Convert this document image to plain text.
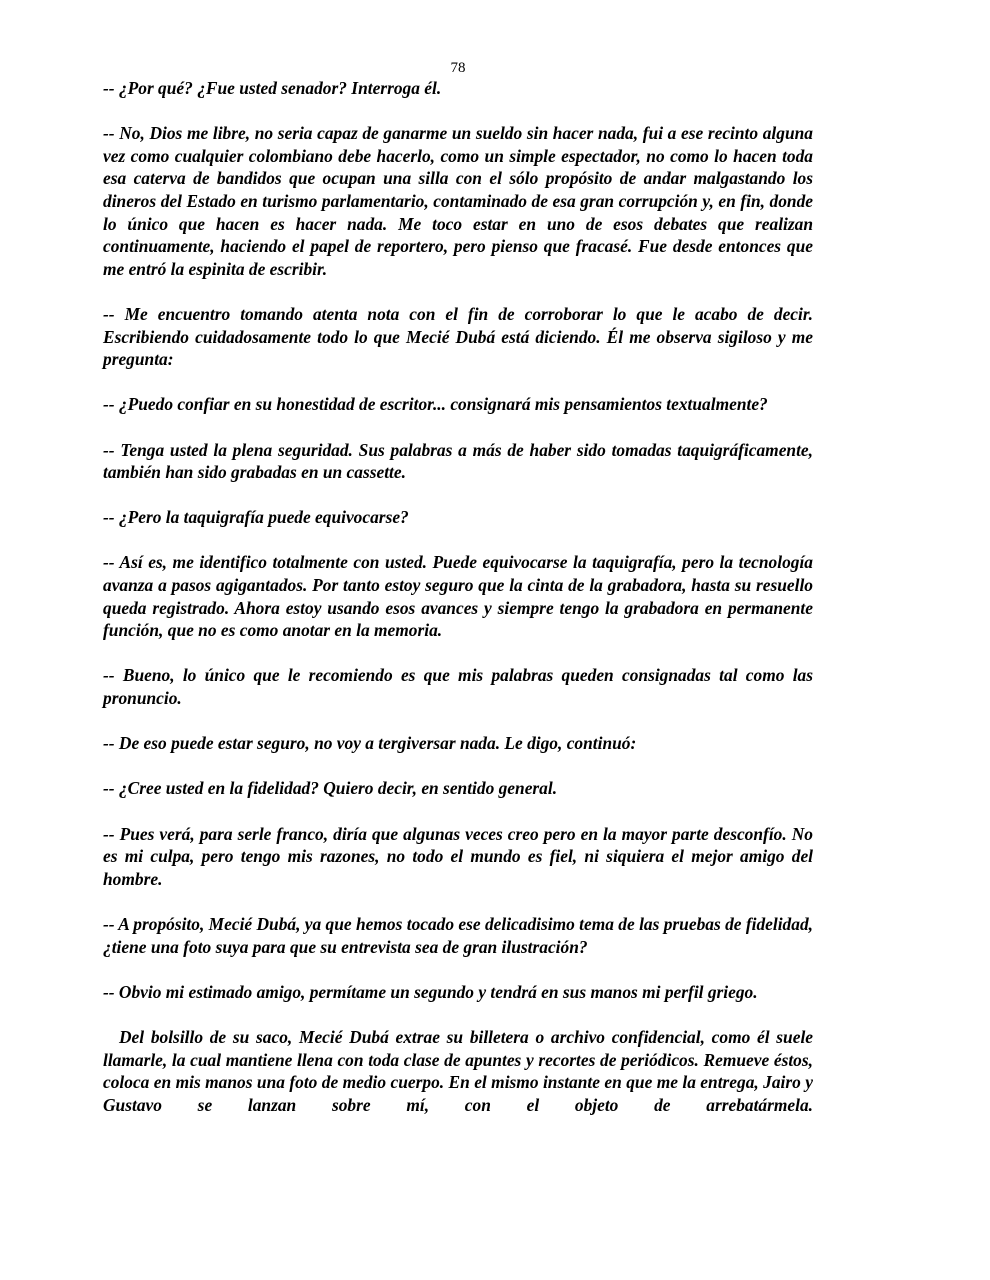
78

-- ¿Por qué? ¿Fue usted senador? Interroga él.

-- No, Dios me libre, no seria capaz de ganarme un sueldo sin hacer nada, fui a ese recinto alguna vez como cualquier colombiano debe hacerlo, como un simple espectador, no como lo hacen toda esa caterva de bandidos que ocupan una silla con el sólo propósito de andar malgastando los dineros del Estado en turismo parlamentario, contaminado de esa gran corrupción y, en fin, donde lo único que hacen es hacer nada. Me toco estar en uno de esos debates que realizan continuamente, haciendo el papel de reportero, pero pienso que fracasé. Fue desde entonces que me entró la espinita de escribir.

-- Me encuentro tomando atenta nota con el fin de corroborar lo que le acabo de decir. Escribiendo cuidadosamente todo lo que Mecié Dubá está diciendo. Él me observa sigiloso y me pregunta:

-- ¿Puedo confiar en su honestidad de escritor... consignará mis pensamientos textualmente?

-- Tenga usted la plena seguridad. Sus palabras a más de haber sido tomadas taquigráficamente, también han sido grabadas en un cassette.

-- ¿Pero la taquigrafía puede equivocarse?

-- Así es, me identifico totalmente con usted. Puede equivocarse la taquigrafía, pero la tecnología avanza a pasos agigantados. Por tanto estoy seguro que la cinta de la grabadora, hasta su resuello queda registrado. Ahora estoy usando esos avances y siempre tengo la grabadora en permanente función, que no es como anotar en la memoria.

-- Bueno, lo único que le recomiendo es que mis palabras queden consignadas tal como las pronuncio.

-- De eso puede estar seguro, no voy a tergiversar nada. Le digo, continuó:

-- ¿Cree usted en la fidelidad? Quiero decir, en sentido general.

-- Pues verá, para serle franco, diría que algunas veces creo pero en la mayor parte desconfío. No es mi culpa, pero tengo mis razones, no todo el mundo es fiel, ni siquiera el mejor amigo del hombre.

-- A propósito, Mecié Dubá, ya que hemos tocado ese delicadisimo tema de las pruebas de fidelidad, ¿tiene una foto suya para que su entrevista sea de gran ilustración?

-- Obvio mi estimado amigo, permítame un segundo y tendrá en sus manos mi perfil griego.

Del bolsillo de su saco, Mecié Dubá extrae su billetera o archivo confidencial, como él suele llamarle, la cual mantiene llena con toda clase de apuntes y recortes de periódicos. Remueve éstos, coloca en mis manos una foto de medio cuerpo. En el mismo instante en que me la entrega, Jairo y Gustavo se lanzan sobre mí, con el objeto de arrebatármela.
